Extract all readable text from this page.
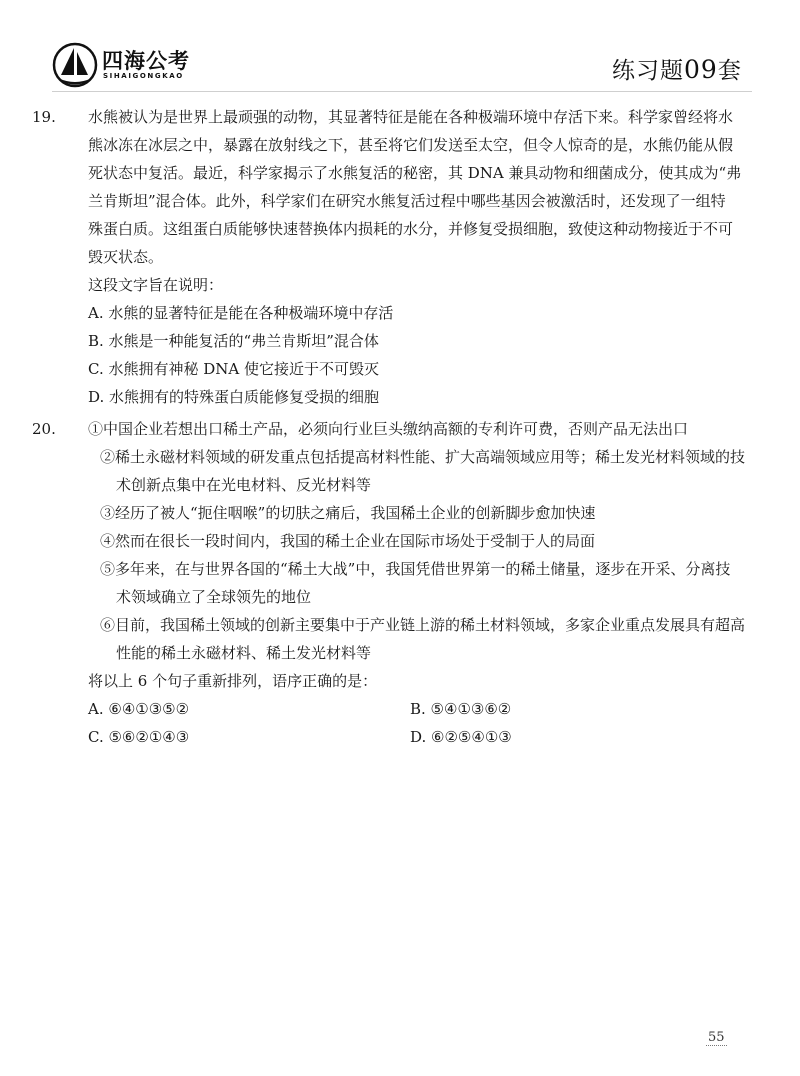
四海公考
SIHAIGONGKAO	练习题09套
19. 水熊被认为是世界上最顽强的动物，其显著特征是能在各种极端环境中存活下来。科学家曾经将水
熊冰冻在冰层之中，暴露在放射线之下，甚至将它们发送至太空，但令人惊奇的是，水熊仍能从假
死状态中复活。最近，科学家揭示了水熊复活的秘密，其 DNA 兼具动物和细菌成分，使其成为“弗
兰肯斯坦”混合体。此外，科学家们在研究水熊复活过程中哪些基因会被激活时，还发现了一组特
殊蛋白质。这组蛋白质能够快速替换体内损耗的水分，并修复受损细胞，致使这种动物接近于不可
毁灭状态。
这段文字旨在说明：
A. 水熊的显著特征是能在各种极端环境中存活
B. 水熊是一种能复活的“弗兰肯斯坦”混合体
C. 水熊拥有神秘 DNA 使它接近于不可毁灭
D. 水熊拥有的特殊蛋白质能修复受损的细胞
20. ①中国企业若想出口稀土产品，必须向行业巨头缴纳高额的专利许可费，否则产品无法出口
②稀土永磁材料领域的研发重点包括提高材料性能、扩大高端领域应用等；稀土发光材料领域的技
术创新点集中在光电材料、反光材料等
③经历了被人“扼住咽喉”的切肤之痛后，我国稀土企业的创新脚步愈加快速
④然而在很长一段时间内，我国的稀土企业在国际市场处于受制于人的局面
⑤多年来，在与世界各国的“稀土大战”中，我国凭借世界第一的稀土储量，逐步在开采、分离技
术领域确立了全球领先的地位
⑥目前，我国稀土领域的创新主要集中于产业链上游的稀土材料领域，多家企业重点发展具有超高
性能的稀土永磁材料、稀土发光材料等
将以上 6 个句子重新排列，语序正确的是：
A. ⑥④①③⑤②	B. ⑤④①③⑥②
C. ⑤⑥②①④③	D. ⑥②⑤④①③
55
